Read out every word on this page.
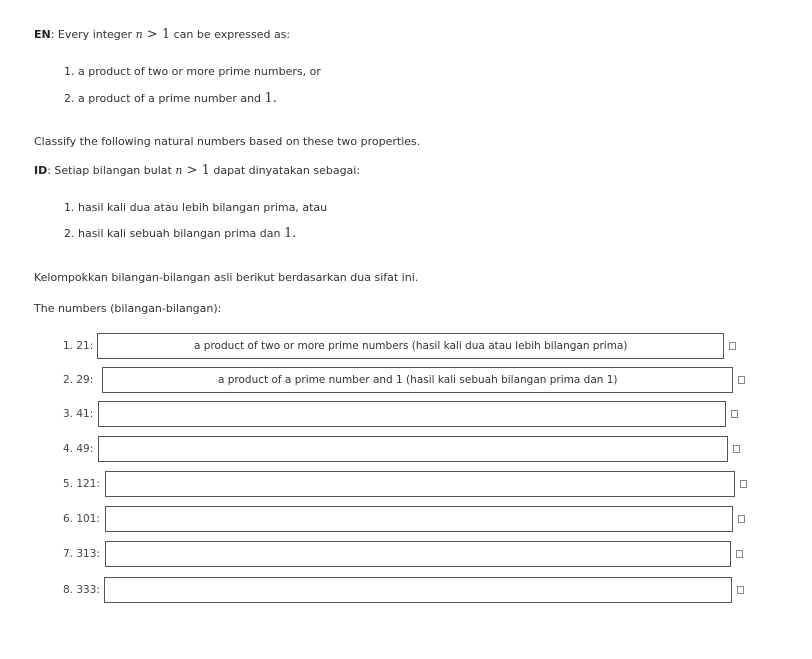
EN: Every integer n > 1 can be expressed as:
1. a product of two or more prime numbers, or
2. a product of a prime number and 1.
Classify the following natural numbers based on these two properties.
ID: Setiap bilangan bulat n > 1 dapat dinyatakan sebagai:
1. hasil kali dua atau lebih bilangan prima, atau
2. hasil kali sebuah bilangan prima dan 1.
Kelompokkan bilangan-bilangan asli berikut berdasarkan dua sifat ini.
The numbers (bilangan-bilangan):
1. 21:	a product of two or more prime numbers (hasil kali dua atau lebih bilangan prima)
2. 29:	a product of a prime number and 1 (hasil kali sebuah bilangan prima dan 1)
3. 41:
4. 49:
5. 121:
6. 101:
7. 313:
8. 333:
